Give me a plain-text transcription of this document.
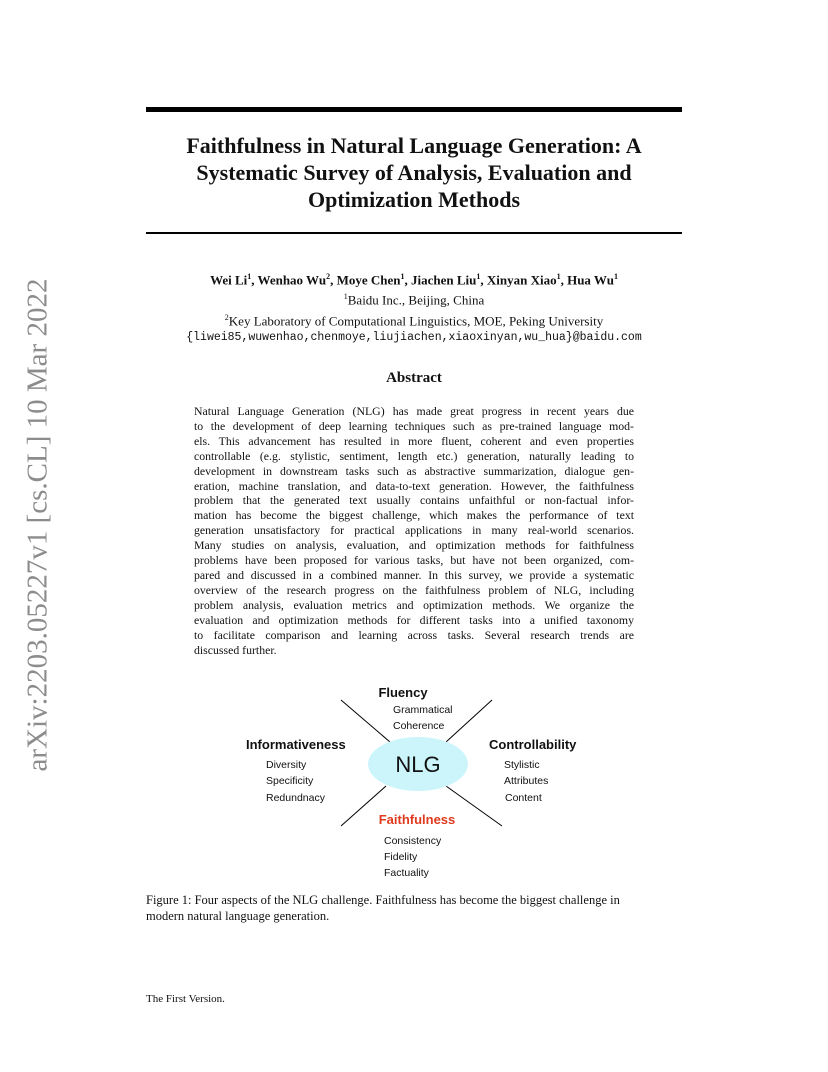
arXiv:2203.05227v1 [cs.CL] 10 Mar 2022
Faithfulness in Natural Language Generation: A
Systematic Survey of Analysis, Evaluation and
Optimization Methods
Wei Li$^1$, Wenhao Wu$^2$, Moye Chen$^1$, Jiachen Liu$^1$, Xinyan Xiao$^1$, Hua Wu$^1$
$^1$Baidu Inc., Beijing, China
$^2$Key Laboratory of Computational Linguistics, MOE, Peking University
{liwei85,wuwenhao,chenmoye,liujiachen,xiaoxinyan,wu_hua}@baidu.com
Abstract
Natural Language Generation (NLG) has made great progress in recent years due
to the development of deep learning techniques such as pre-trained language mod-
els. This advancement has resulted in more fluent, coherent and even properties
controllable (e.g. stylistic, sentiment, length etc.) generation, naturally leading to
development in downstream tasks such as abstractive summarization, dialogue gen-
eration, machine translation, and data-to-text generation. However, the faithfulness
problem that the generated text usually contains unfaithful or non-factual infor-
mation has become the biggest challenge, which makes the performance of text
generation unsatisfactory for practical applications in many real-world scenarios.
Many studies on analysis, evaluation, and optimization methods for faithfulness
problems have been proposed for various tasks, but have not been organized, com-
pared and discussed in a combined manner. In this survey, we provide a systematic
overview of the research progress on the faithfulness problem of NLG, including
problem analysis, evaluation metrics and optimization methods. We organize the
evaluation and optimization methods for different tasks into a unified taxonomy
to facilitate comparison and learning across tasks. Several research trends are
discussed further.
NLG
Fluency
Grammatical
Coherence
Informativeness
Diversity
Specificity
Redundnacy
Controllability
Stylistic
Attributes
Content
Faithfulness
Consistency
Fidelity
Factuality
Figure 1: Four aspects of the NLG challenge. Faithfulness has become the biggest challenge in
modern natural language generation.
The First Version.
